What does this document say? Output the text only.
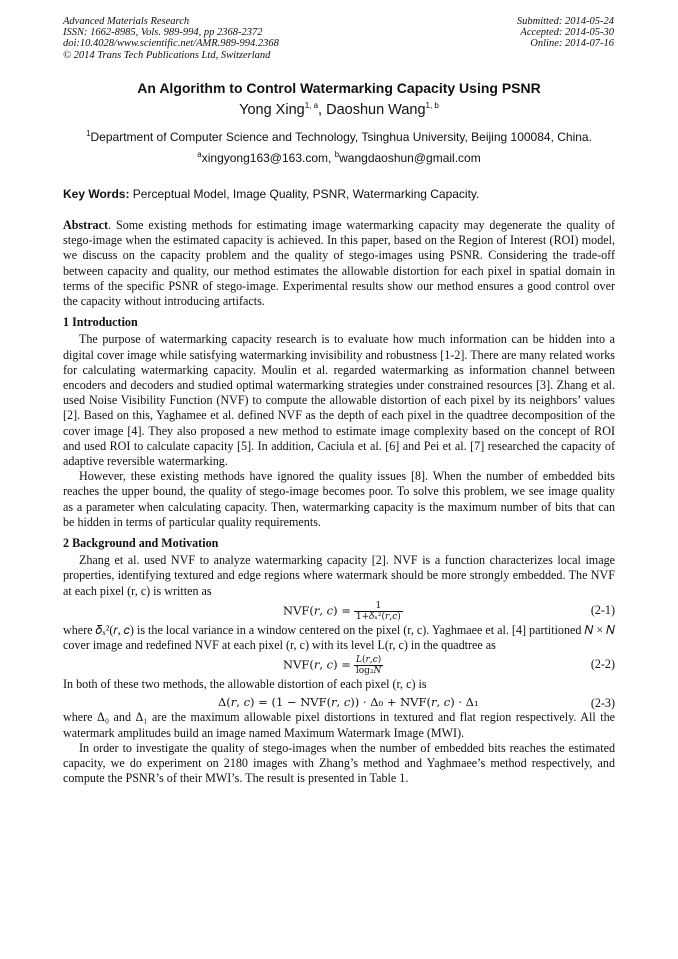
Advanced Materials Research
ISSN: 1662-8985, Vols. 989-994, pp 2368-2372
doi:10.4028/www.scientific.net/AMR.989-994.2368
© 2014 Trans Tech Publications Ltd, Switzerland
Submitted: 2014-05-24
Accepted: 2014-05-30
Online: 2014-07-16
An Algorithm to Control Watermarking Capacity Using PSNR
Yong Xing$^{1, a}$, Daoshun Wang$^{1, b}$
$^1$Department of Computer Science and Technology, Tsinghua University, Beijing 100084, China.
$^a$xingyong163@163.com, $^b$wangdaoshun@gmail.com
Key Words: Perceptual Model, Image Quality, PSNR, Watermarking Capacity.

Abstract. Some existing methods for estimating image watermarking capacity may degenerate the quality of stego-image when the estimated capacity is achieved. In this paper, based on the Region of Interest (ROI) model, we discuss on the capacity problem and the quality of stego-images using PSNR. Considering the trade-off between capacity and quality, our method estimates the allowable distortion for each pixel in spatial domain in terms of the specific PSNR of stego-image. Experimental results show our method ensures a good control over the capacity without introducing artifacts.

1 Introduction

The purpose of watermarking capacity research is to evaluate how much information can be hidden into a digital cover image while satisfying watermarking invisibility and robustness [1-2]. There are many related works for calculating watermarking capacity. Moulin et al. regarded watermarking as information channel between encoders and decoders and studied optimal watermarking strategies under constrained resources [3]. Zhang et al. used Noise Visibility Function (NVF) to compute the allowable distortion of each pixel by its neighbors’ values [2]. Based on this, Yaghamee et al. defined NVF as the depth of each pixel in the quadtree decomposition of the cover image [4]. They also proposed a new method to estimate image complexity based on the concept of ROI and used ROI to calculate capacity [5]. In addition, Caciula et al. [6] and Pei et al. [7] researched the capacity of adaptive reversible watermarking.

However, these existing methods have ignored the quality issues [8]. When the number of embedded bits reaches the upper bound, the quality of stego-image becomes poor. To solve this problem, we see image quality as a parameter when calculating capacity. Then, watermarking capacity is the maximum number of bits that can be hidden in terms of particular quality requirements.

2 Background and Motivation

Zhang et al. used NVF to analyze watermarking capacity [2]. NVF is a function characterizes local image properties, identifying textured and edge regions where watermark should be more strongly embedded. The NVF at each pixel (r, c) is written as

NVF(𝑟, 𝑐) = $\frac{1}{\text{1+𝛿ₓ²(𝑟,𝑐)}}$	(2-1)

where 𝛿ₓ²(𝑟, 𝑐) is the local variance in a window centered on the pixel (r, c). Yaghmaee et al. [4] partitioned 𝑁 × 𝑁 cover image and redefined NVF at each pixel (r, c) with its level L(r, c) in the quadtree as

NVF(𝑟, 𝑐) = $\frac{\text{𝐿(𝑟,𝑐)}}{\text{log₂𝑁}}$	(2-2)

In both of these two methods, the allowable distortion of each pixel (r, c) is

Δ(𝑟, 𝑐) = (1 − NVF(𝑟, 𝑐)) · Δ₀ + NVF(𝑟, 𝑐) · Δ₁	(2-3)

where Δ₀ and Δ₁ are the maximum allowable pixel distortions in textured and flat region respectively. All the watermark amplitudes build an image named Maximum Watermark Image (MWI).

In order to investigate the quality of stego-images when the number of embedded bits reaches the estimated capacity, we do experiment on 2180 images with Zhang’s method and Yaghmaee’s method respectively, and compute the PSNR’s of their MWI’s. The result is presented in Table 1.
